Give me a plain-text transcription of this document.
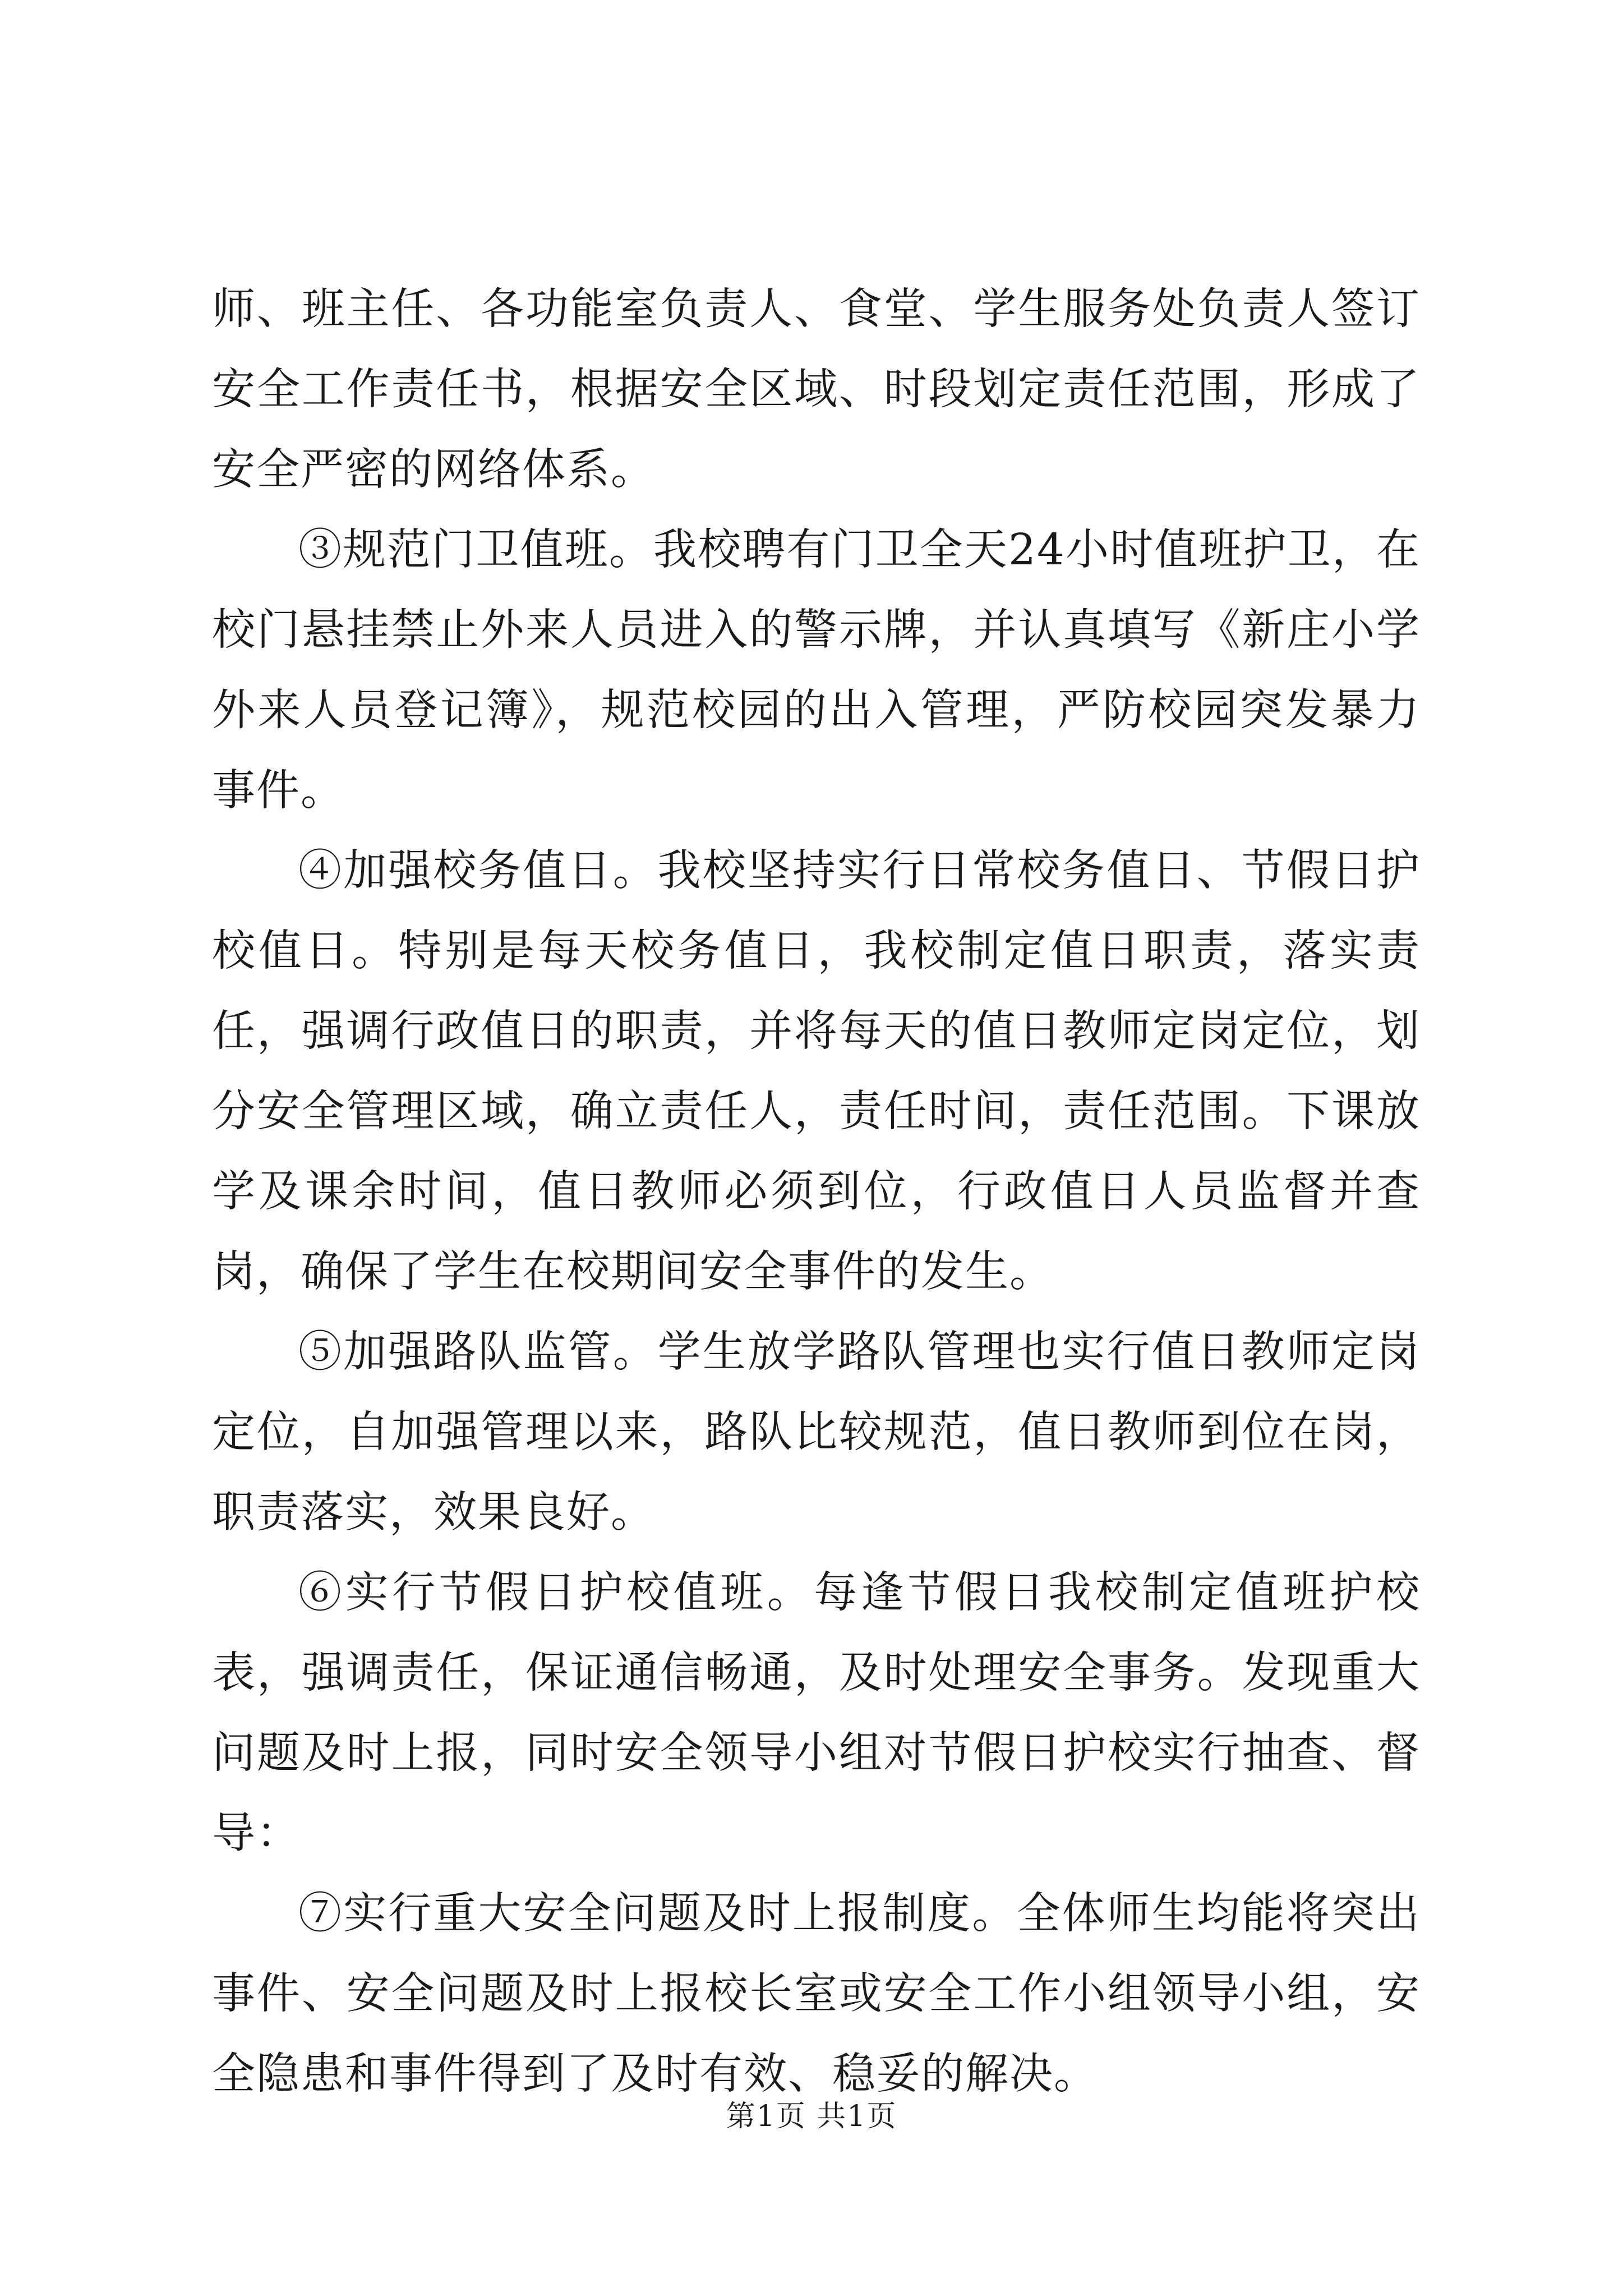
师、班主任、各功能室负责人、食堂、学生服务处负责人签订安全工作责任书，根据安全区域、时段划定责任范围，形成了安全严密的网络体系。

③规范门卫值班。我校聘有门卫全天24小时值班护卫，在校门悬挂禁止外来人员进入的警示牌，并认真填写《新庄小学外来人员登记簿》，规范校园的出入管理，严防校园突发暴力事件。

④加强校务值日。我校坚持实行日常校务值日、节假日护校值日。特别是每天校务值日，我校制定值日职责，落实责任，强调行政值日的职责，并将每天的值日教师定岗定位，划分安全管理区域，确立责任人，责任时间，责任范围。下课放学及课余时间，值日教师必须到位，行政值日人员监督并查岗，确保了学生在校期间安全事件的发生。

⑤加强路队监管。学生放学路队管理也实行值日教师定岗定位，自加强管理以来，路队比较规范，值日教师到位在岗，职责落实，效果良好。

⑥实行节假日护校值班。每逢节假日我校制定值班护校表，强调责任，保证通信畅通，及时处理安全事务。发现重大问题及时上报，同时安全领导小组对节假日护校实行抽查、督导：

⑦实行重大安全问题及时上报制度。全体师生均能将突出事件、安全问题及时上报校长室或安全工作小组领导小组，安全隐患和事件得到了及时有效、稳妥的解决。

第1页 共1页
